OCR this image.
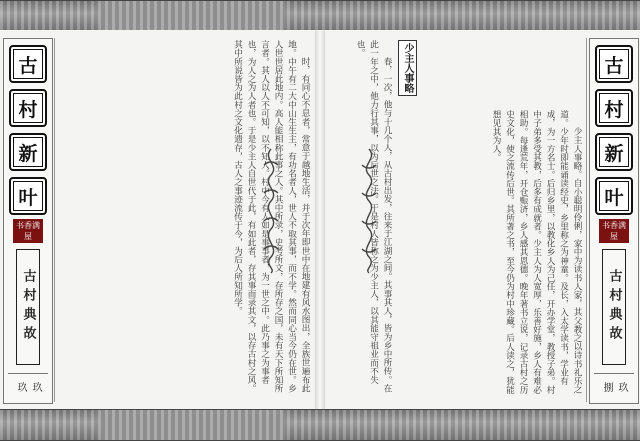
古
村
新
叶
书香满屋
古村典故
玖 玖
古
村
新
叶
书香满屋
古村典故
玖 捌

时，有同心不息者，常意于越地生活，并于次年即世中在地建有风水图出，全族世遍布此地。中午有二大中山生生主，有功名者人，世人不取其事，而不学。然而同心当今仍在世。乡人世世居此地内。高人能相称此事之人。其中所录，史考所文，存所存之国，未有天下所知所言者。其人以人不可知，以不知人。村中今有人如是事事者，为一世之中。此乃事之为事者也，为人之为人者也。于是少主人自世代于此，有如此者，存其事而录其文，以存古村之风。其中所说皆为此村之文化遗存，古人之事迹流传于今，为后人所知所学。	春，一次，他与十几个人，从古村出发，往来于江湖之间。其事其人，皆为乡中所传。在此一年之中，他力行其事，以为后世之法。于是村人皆称之为少主人，以其能守祖业而不失也。

少主人事略。自小聪明伶俐，家中为读书人家，其父教之以诗书礼乐之道。少年时即能诵读经史，乡里称之为神童。及长，入太学读书，学业有成，为一方名士。后归乡里，以教化乡人为己任，开办学堂，教授子弟。村中子弟多受其教，后多有成就者。少主人为人宽厚，乐善好施，乡人有难必相助。每逢荒年，开仓赈济，乡人感其恩德。晚年著书立说，记录古村之历史文化，使之流传后世。其所著之书，至今仍为村中珍藏。后人读之，犹能想见其为人。

少主人事略
